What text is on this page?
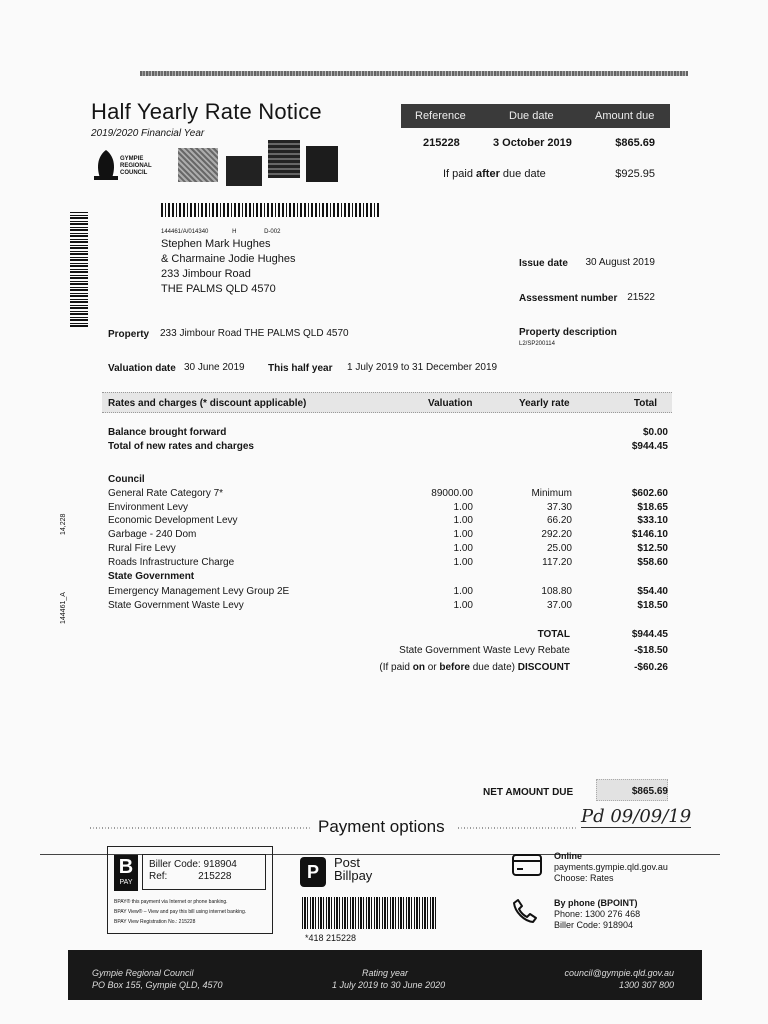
Half Yearly Rate Notice
2019/2020 Financial Year
GYMPIE REGIONAL COUNCIL
Reference	Due date	Amount due
215228	3 October 2019	$865.69
If paid after due date	$925.95
144461/A/014340	H	D-002
Stephen Mark Hughes
& Charmaine Jodie Hughes
233 Jimbour Road
THE PALMS QLD 4570
Issue date 30 August 2019
Assessment number 21522
Property 233 Jimbour Road THE PALMS QLD 4570	Property description
L2/SP200114
Valuation date 30 June 2019 This half year 1 July 2019 to 31 December 2019
Rates and charges (* discount applicable)	Valuation	Yearly rate	Total
Balance brought forward	$0.00
Total of new rates and charges	$944.45
Council
General Rate Category 7*	89000.00	Minimum	$602.60
Environment Levy	1.00	37.30	$18.65
Economic Development Levy	1.00	66.20	$33.10
Garbage - 240 Dom	1.00	292.20	$146.10
Rural Fire Levy	1.00	25.00	$12.50
Roads Infrastructure Charge	1.00	117.20	$58.60
State Government
Emergency Management Levy Group 2E	1.00	108.80	$54.40
State Government Waste Levy	1.00	37.00	$18.50
TOTAL	$944.45
State Government Waste Levy Rebate	-$18.50
(If paid on or before due date) DISCOUNT	-$60.26
14,228
144461_A
NET AMOUNT DUE	$865.69
Pd 09/09/19
Payment options
B
PAY
Biller Code: 918904
Ref:	215228
BPAY® this payment via Internet or phone banking.
BPAY View® – View and pay this bill using internet banking.
BPAY View Registration No.: 215228
P	Post
Billpay
*418 215228
Online
payments.gympie.qld.gov.au
Choose: Rates
By phone (BPOINT)
Phone: 1300 276 468
Biller Code: 918904
Gympie Regional Council
PO Box 155, Gympie QLD, 4570
Rating year
1 July 2019 to 30 June 2020
council@gympie.qld.gov.au
1300 307 800
